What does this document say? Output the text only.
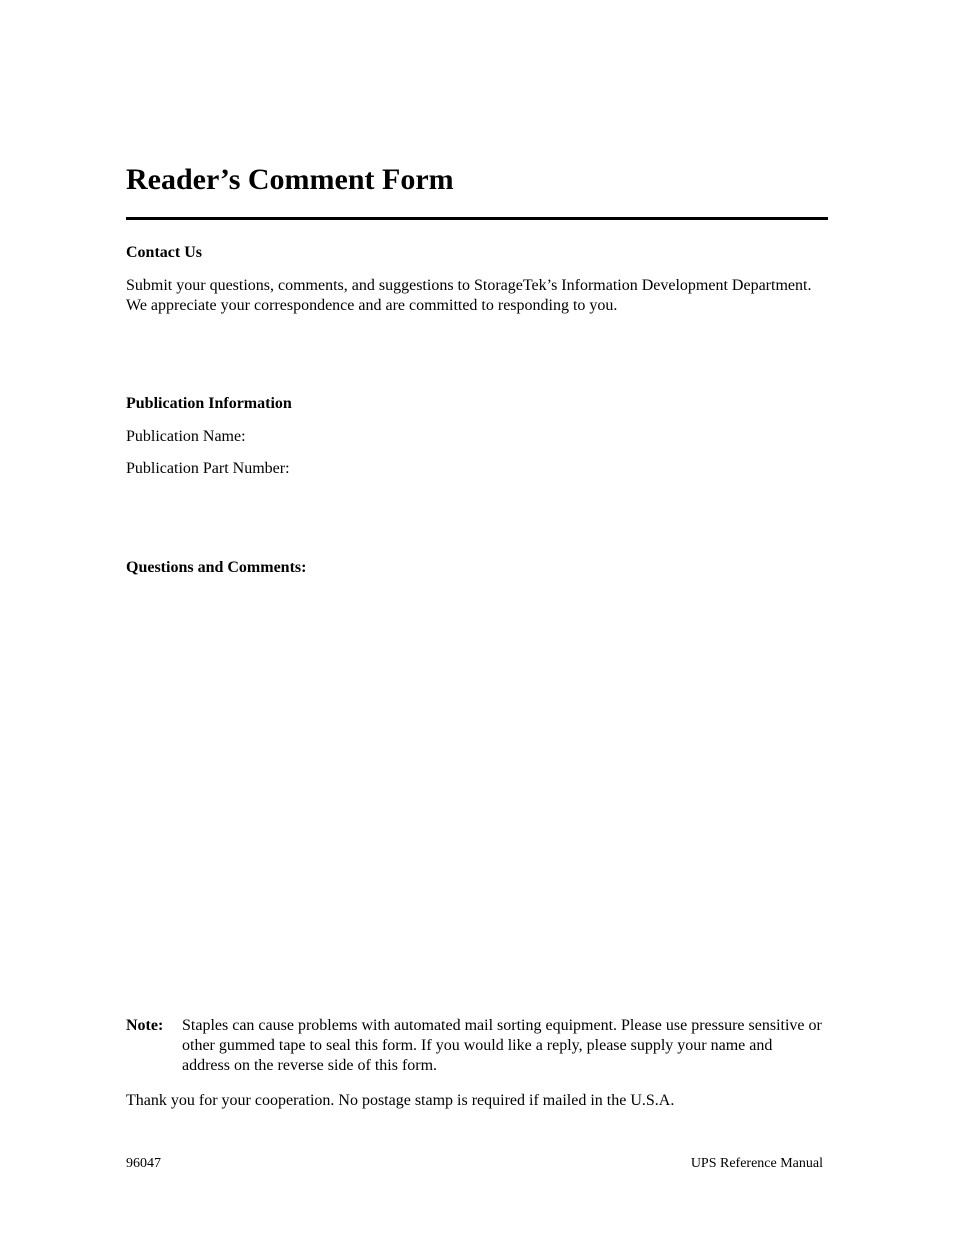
Reader’s Comment Form
Contact Us

Submit your questions, comments, and suggestions to StorageTek’s Information Development Department. We appreciate your correspondence and are committed to responding to you.

Publication Information

Publication Name:

Publication Part Number:

Questions and Comments:
Note: Staples can cause problems with automated mail sorting equipment. Please use pressure sensitive or other gummed tape to seal this form. If you would like a reply, please supply your name and address on the reverse side of this form.

Thank you for your cooperation. No postage stamp is required if mailed in the U.S.A.

96047	UPS Reference Manual
